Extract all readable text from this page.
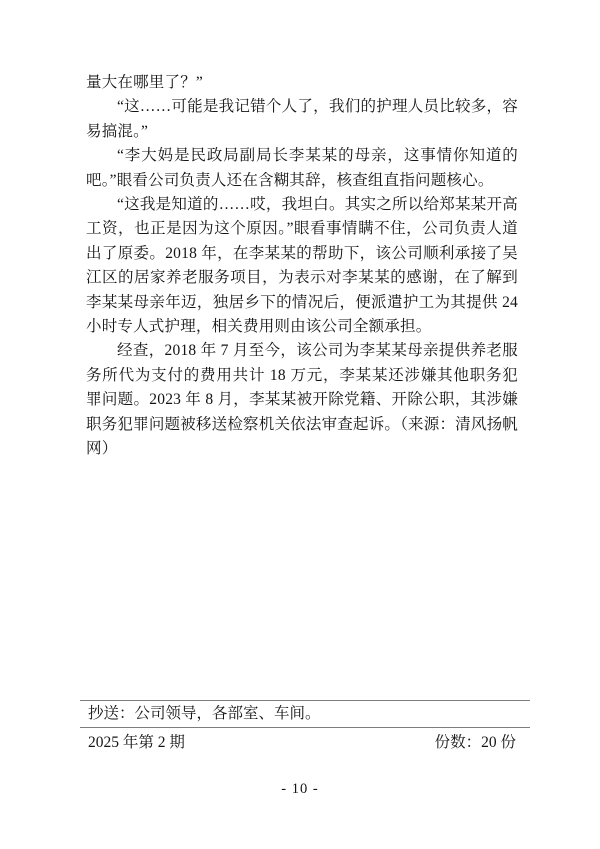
量大在哪里了？”

“这……可能是我记错个人了，我们的护理人员比较多，容易搞混。”

“李大妈是民政局副局长李某某的母亲，这事情你知道的吧。”眼看公司负责人还在含糊其辞，核查组直指问题核心。

“这我是知道的……哎，我坦白。其实之所以给郑某某开高工资，也正是因为这个原因。”眼看事情瞒不住，公司负责人道出了原委。2018 年，在李某某的帮助下，该公司顺利承接了吴江区的居家养老服务项目，为表示对李某某的感谢，在了解到李某某母亲年迈，独居乡下的情况后，便派遣护工为其提供 24 小时专人式护理，相关费用则由该公司全额承担。

经查，2018 年 7 月至今，该公司为李某某母亲提供养老服务所代为支付的费用共计 18 万元，李某某还涉嫌其他职务犯罪问题。2023 年 8 月，李某某被开除党籍、开除公职，其涉嫌职务犯罪问题被移送检察机关依法审查起诉。（来源：清风扬帆网）

抄送：公司领导，各部室、车间。
2025 年第 2 期	份数：20 份
- 10 -
